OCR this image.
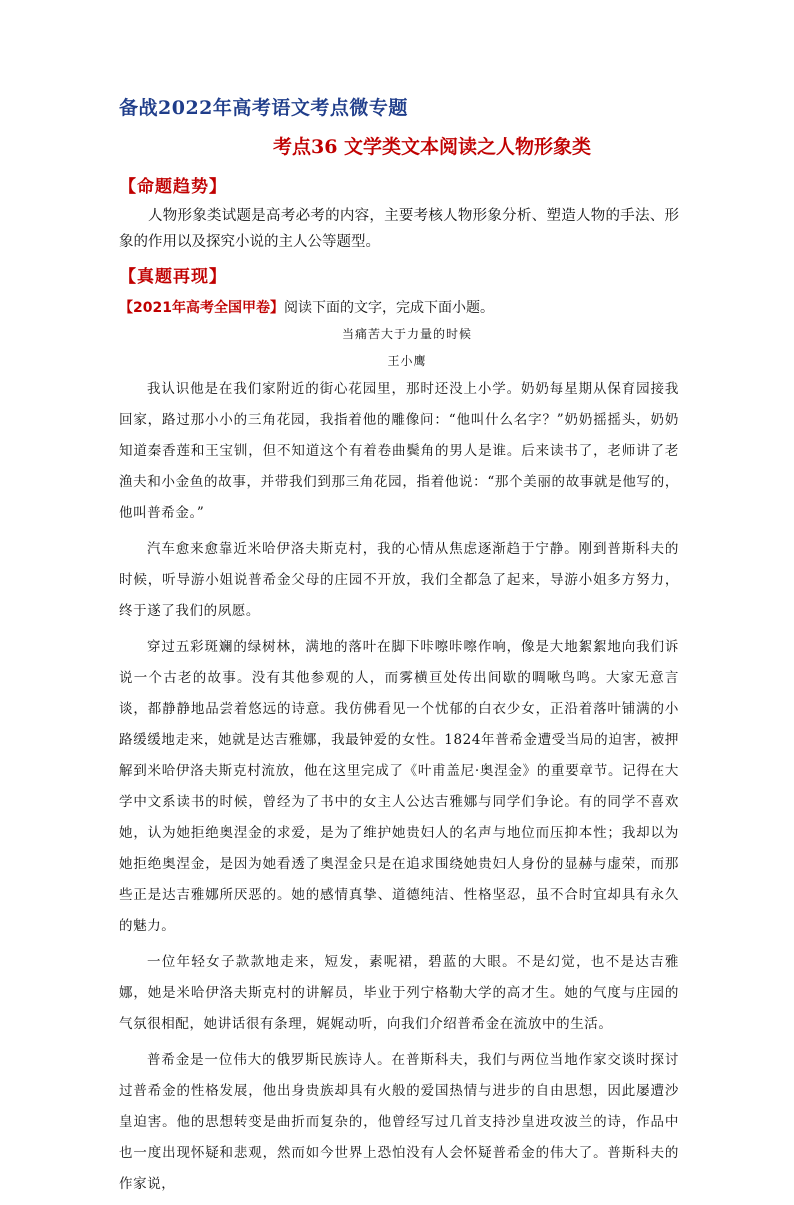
备战2022年高考语文考点微专题
考点36 文学类文本阅读之人物形象类
【命题趋势】
人物形象类试题是高考必考的内容，主要考核人物形象分析、塑造人物的手法、形象的作用以及探究小说的主人公等题型。
【真题再现】
【2021年高考全国甲卷】阅读下面的文字，完成下面小题。
当痛苦大于力量的时候
王小鹰

我认识他是在我们家附近的街心花园里，那时还没上小学。奶奶每星期从保育园接我回家，路过那小小的三角花园，我指着他的雕像问：“他叫什么名字？”奶奶摇摇头，奶奶知道秦香莲和王宝钏，但不知道这个有着卷曲鬓角的男人是谁。后来读书了，老师讲了老渔夫和小金鱼的故事，并带我们到那三角花园，指着他说：“那个美丽的故事就是他写的，他叫普希金。”

汽车愈来愈靠近米哈伊洛夫斯克村，我的心情从焦虑逐渐趋于宁静。刚到普斯科夫的时候，听导游小姐说普希金父母的庄园不开放，我们全都急了起来，导游小姐多方努力，终于遂了我们的夙愿。

穿过五彩斑斓的绿树林，满地的落叶在脚下咔嚓咔嚓作响，像是大地絮絮地向我们诉说一个古老的故事。没有其他参观的人，而雾横亘处传出间歇的啁啾鸟鸣。大家无意言谈，都静静地品尝着悠远的诗意。我仿佛看见一个忧郁的白衣少女，正沿着落叶铺满的小路缓缓地走来，她就是达吉雅娜，我最钟爱的女性。1824年普希金遭受当局的迫害，被押解到米哈伊洛夫斯克村流放，他在这里完成了《叶甫盖尼·奥涅金》的重要章节。记得在大学中文系读书的时候，曾经为了书中的女主人公达吉雅娜与同学们争论。有的同学不喜欢她，认为她拒绝奥涅金的求爱，是为了维护她贵妇人的名声与地位而压抑本性；我却以为她拒绝奥涅金，是因为她看透了奥涅金只是在追求围绕她贵妇人身份的显赫与虚荣，而那些正是达吉雅娜所厌恶的。她的感情真挚、道德纯洁、性格坚忍，虽不合时宜却具有永久的魅力。

一位年轻女子款款地走来，短发，素呢裙，碧蓝的大眼。不是幻觉，也不是达吉雅娜，她是米哈伊洛夫斯克村的讲解员，毕业于列宁格勒大学的高才生。她的气度与庄园的气氛很相配，她讲话很有条理，娓娓动听，向我们介绍普希金在流放中的生活。

普希金是一位伟大的俄罗斯民族诗人。在普斯科夫，我们与两位当地作家交谈时探讨过普希金的性格发展，他出身贵族却具有火般的爱国热情与进步的自由思想，因此屡遭沙皇迫害。他的思想转变是曲折而复杂的，他曾经写过几首支持沙皇进攻波兰的诗，作品中也一度出现怀疑和悲观，然而如今世界上恐怕没有人会怀疑普希金的伟大了。普斯科夫的作家说，
